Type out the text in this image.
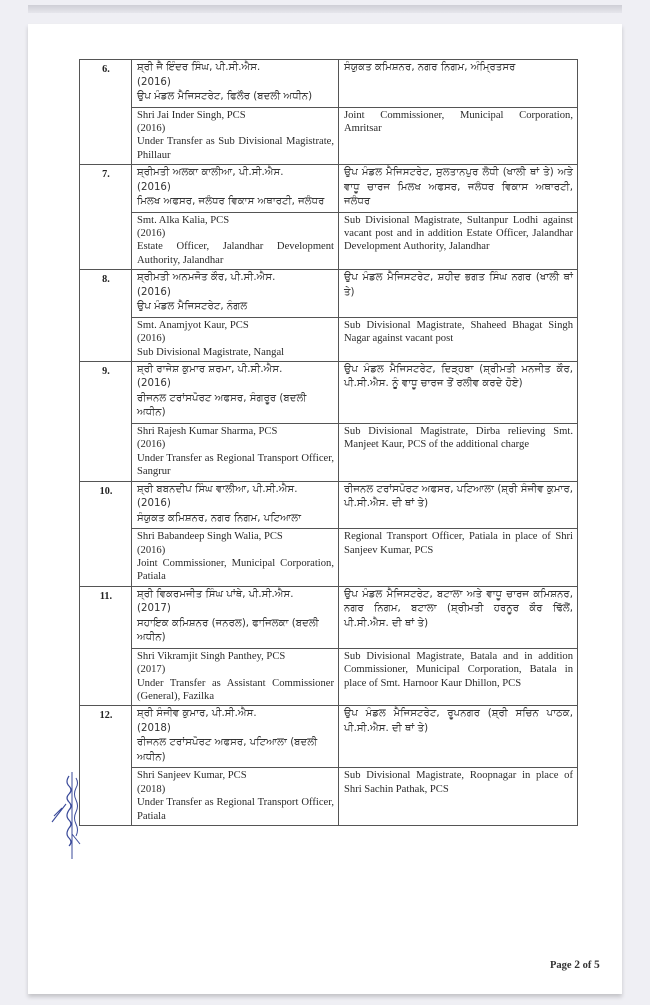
6.	ਸ਼੍ਰੀ ਜੈ ਇੰਦਰ ਸਿੰਘ, ਪੀ.ਸੀ.ਐਸ.
(2016)
ਉਪ ਮੰਡਲ ਮੈਜਿਸਟਰੇਟ, ਫਿਲੌਰ (ਬਦਲੀ ਅਧੀਨ)	ਸੰਯੁਕਤ ਕਮਿਸ਼ਨਰ, ਨਗਰ ਨਿਗਮ, ਅੰਮ੍ਰਿਤਸਰ

	Shri Jai Inder Singh, PCS
(2016)
Under Transfer as Sub Divisional Magistrate, Phillaur	Joint Commissioner, Municipal Corporation, Amritsar
7.	ਸ਼੍ਰੀਮਤੀ ਅਲਕਾ ਕਾਲੀਆ, ਪੀ.ਸੀ.ਐਸ.
(2016)
ਮਿਲਖ ਅਫਸਰ, ਜਲੰਧਰ ਵਿਕਾਸ ਅਥਾਰਟੀ, ਜਲੰਧਰ	ਉਪ ਮੰਡਲ ਮੈਜਿਸਟਰੇਟ, ਸੁਲਤਾਨਪੁਰ ਲੋਧੀ (ਖਾਲੀ ਥਾਂ ਤੇ) ਅਤੇ ਵਾਧੂ ਚਾਰਜ ਮਿਲਖ ਅਫਸਰ, ਜਲੰਧਰ ਵਿਕਾਸ ਅਥਾਰਟੀ, ਜਲੰਧਰ

	Smt. Alka Kalia, PCS
(2016)
Estate Officer, Jalandhar Development Authority, Jalandhar	Sub Divisional Magistrate, Sultanpur Lodhi against vacant post and in addition Estate Officer, Jalandhar Development Authority, Jalandhar
8.	ਸ਼੍ਰੀਮਤੀ ਅਨਮਜੋਤ ਕੌਰ, ਪੀ.ਸੀ.ਐਸ.
(2016)
ਉਪ ਮੰਡਲ ਮੈਜਿਸਟਰੇਟ, ਨੰਗਲ	ਉਪ ਮੰਡਲ ਮੈਜਿਸਟਰੇਟ, ਸ਼ਹੀਦ ਭਗਤ ਸਿੰਘ ਨਗਰ (ਖਾਲੀ ਥਾਂ ਤੇ)

	Smt. Anamjyot Kaur, PCS
(2016)
Sub Divisional Magistrate, Nangal	Sub Divisional Magistrate, Shaheed Bhagat Singh Nagar against vacant post
9.	ਸ਼੍ਰੀ ਰਾਜੇਸ਼ ਕੁਮਾਰ ਸ਼ਰਮਾ, ਪੀ.ਸੀ.ਐਸ.
(2016)
ਰੀਜਨਲ ਟਰਾਂਸਪੋਰਟ ਅਫਸਰ, ਸੰਗਰੂਰ (ਬਦਲੀ ਅਧੀਨ)	ਉਪ ਮੰਡਲ ਮੈਜਿਸਟਰੇਟ, ਦਿੜ੍ਹਬਾ (ਸ਼੍ਰੀਮਤੀ ਮਨਜੀਤ ਕੌਰ, ਪੀ.ਸੀ.ਐਸ. ਨੂੰ ਵਾਧੂ ਚਾਰਜ ਤੋਂ ਰਲੀਵ ਕਰਦੇ ਹੋਏ)

	Shri Rajesh Kumar Sharma, PCS
(2016)
Under Transfer as Regional Transport Officer, Sangrur	Sub Divisional Magistrate, Dirba relieving Smt. Manjeet Kaur, PCS of the additional charge
10.	ਸ਼੍ਰੀ ਬਬਨਦੀਪ ਸਿੰਘ ਵਾਲੀਆ, ਪੀ.ਸੀ.ਐਸ.
(2016)
ਸੰਯੁਕਤ ਕਮਿਸ਼ਨਰ, ਨਗਰ ਨਿਗਮ, ਪਟਿਆਲਾ	ਰੀਜਨਲ ਟਰਾਂਸਪੋਰਟ ਅਫਸਰ, ਪਟਿਆਲਾ (ਸ਼੍ਰੀ ਸੰਜੀਵ ਕੁਮਾਰ, ਪੀ.ਸੀ.ਐਸ. ਦੀ ਥਾਂ ਤੇ)

	Shri Babandeep Singh Walia, PCS
(2016)
Joint Commissioner, Municipal Corporation, Patiala	Regional Transport Officer, Patiala in place of Shri Sanjeev Kumar, PCS
11.	ਸ਼੍ਰੀ ਵਿਕਰਮਜੀਤ ਸਿੰਘ ਪਾਂਥੇ, ਪੀ.ਸੀ.ਐਸ.
(2017)
ਸਹਾਇਕ ਕਮਿਸ਼ਨਰ (ਜਨਰਲ), ਫਾਜਿਲਕਾ (ਬਦਲੀ ਅਧੀਨ)	ਉਪ ਮੰਡਲ ਮੈਜਿਸਟਰੇਟ, ਬਟਾਲਾ ਅਤੇ ਵਾਧੂ ਚਾਰਜ ਕਮਿਸ਼ਨਰ, ਨਗਰ ਨਿਗਮ, ਬਟਾਲਾ (ਸ਼੍ਰੀਮਤੀ ਹਰਨੂਰ ਕੌਰ ਢਿੱਲੋਂ, ਪੀ.ਸੀ.ਐਸ. ਦੀ ਥਾਂ ਤੇ)

	Shri Vikramjit Singh Panthey, PCS
(2017)
Under Transfer as Assistant Commissioner (General), Fazilka	Sub Divisional Magistrate, Batala and in addition Commissioner, Municipal Corporation, Batala in place of Smt. Harnoor Kaur Dhillon, PCS
12.	ਸ਼੍ਰੀ ਸੰਜੀਵ ਕੁਮਾਰ, ਪੀ.ਸੀ.ਐਸ.
(2018)
ਰੀਜਨਲ ਟਰਾਂਸਪੋਰਟ ਅਫਸਰ, ਪਟਿਆਲਾ (ਬਦਲੀ ਅਧੀਨ)	ਉਪ ਮੰਡਲ ਮੈਜਿਸਟਰੇਟ, ਰੂਪਨਗਰ (ਸ਼੍ਰੀ ਸਚਿਨ ਪਾਠਕ, ਪੀ.ਸੀ.ਐਸ. ਦੀ ਥਾਂ ਤੇ)

	Shri Sanjeev Kumar, PCS
(2018)
Under Transfer as Regional Transport Officer, Patiala	Sub Divisional Magistrate, Roopnagar in place of Shri Sachin Pathak, PCS
Page 2 of 5
